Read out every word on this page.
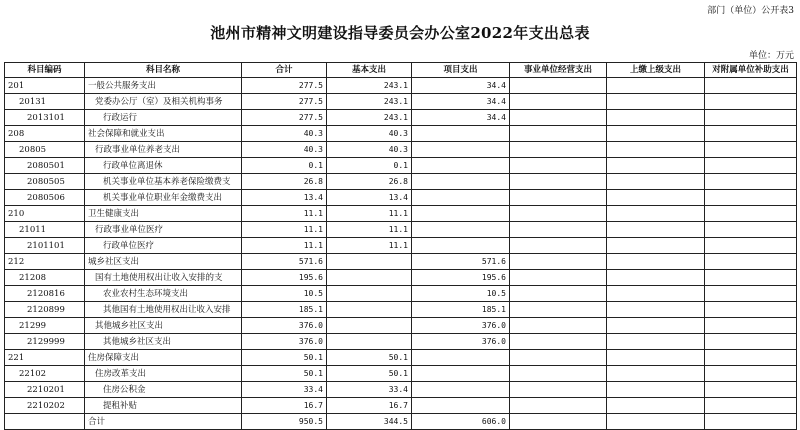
部门（单位）公开表3
池州市精神文明建设指导委员会办公室2022年支出总表
单位：万元
科目编码	科目名称	合计	基本支出	项目支出	事业单位经营支出	上缴上级支出	对附属单位补助支出
201	一般公共服务支出	277.5	243.1	34.4			
20131	党委办公厅（室）及相关机构事务	277.5	243.1	34.4			
2013101	行政运行	277.5	243.1	34.4			
208	社会保障和就业支出	40.3	40.3				
20805	行政事业单位养老支出	40.3	40.3				
2080501	行政单位离退休	0.1	0.1				
2080505	机关事业单位基本养老保险缴费支	26.8	26.8				
2080506	机关事业单位职业年金缴费支出	13.4	13.4				
210	卫生健康支出	11.1	11.1				
21011	行政事业单位医疗	11.1	11.1				
2101101	行政单位医疗	11.1	11.1				
212	城乡社区支出	571.6		571.6			
21208	国有土地使用权出让收入安排的支	195.6		195.6			
2120816	农业农村生态环境支出	10.5		10.5			
2120899	其他国有土地使用权出让收入安排	185.1		185.1			
21299	其他城乡社区支出	376.0		376.0			
2129999	其他城乡社区支出	376.0		376.0			
221	住房保障支出	50.1	50.1				
22102	住房改革支出	50.1	50.1				
2210201	住房公积金	33.4	33.4				
2210202	提租补贴	16.7	16.7				
	合计	950.5	344.5	606.0			
